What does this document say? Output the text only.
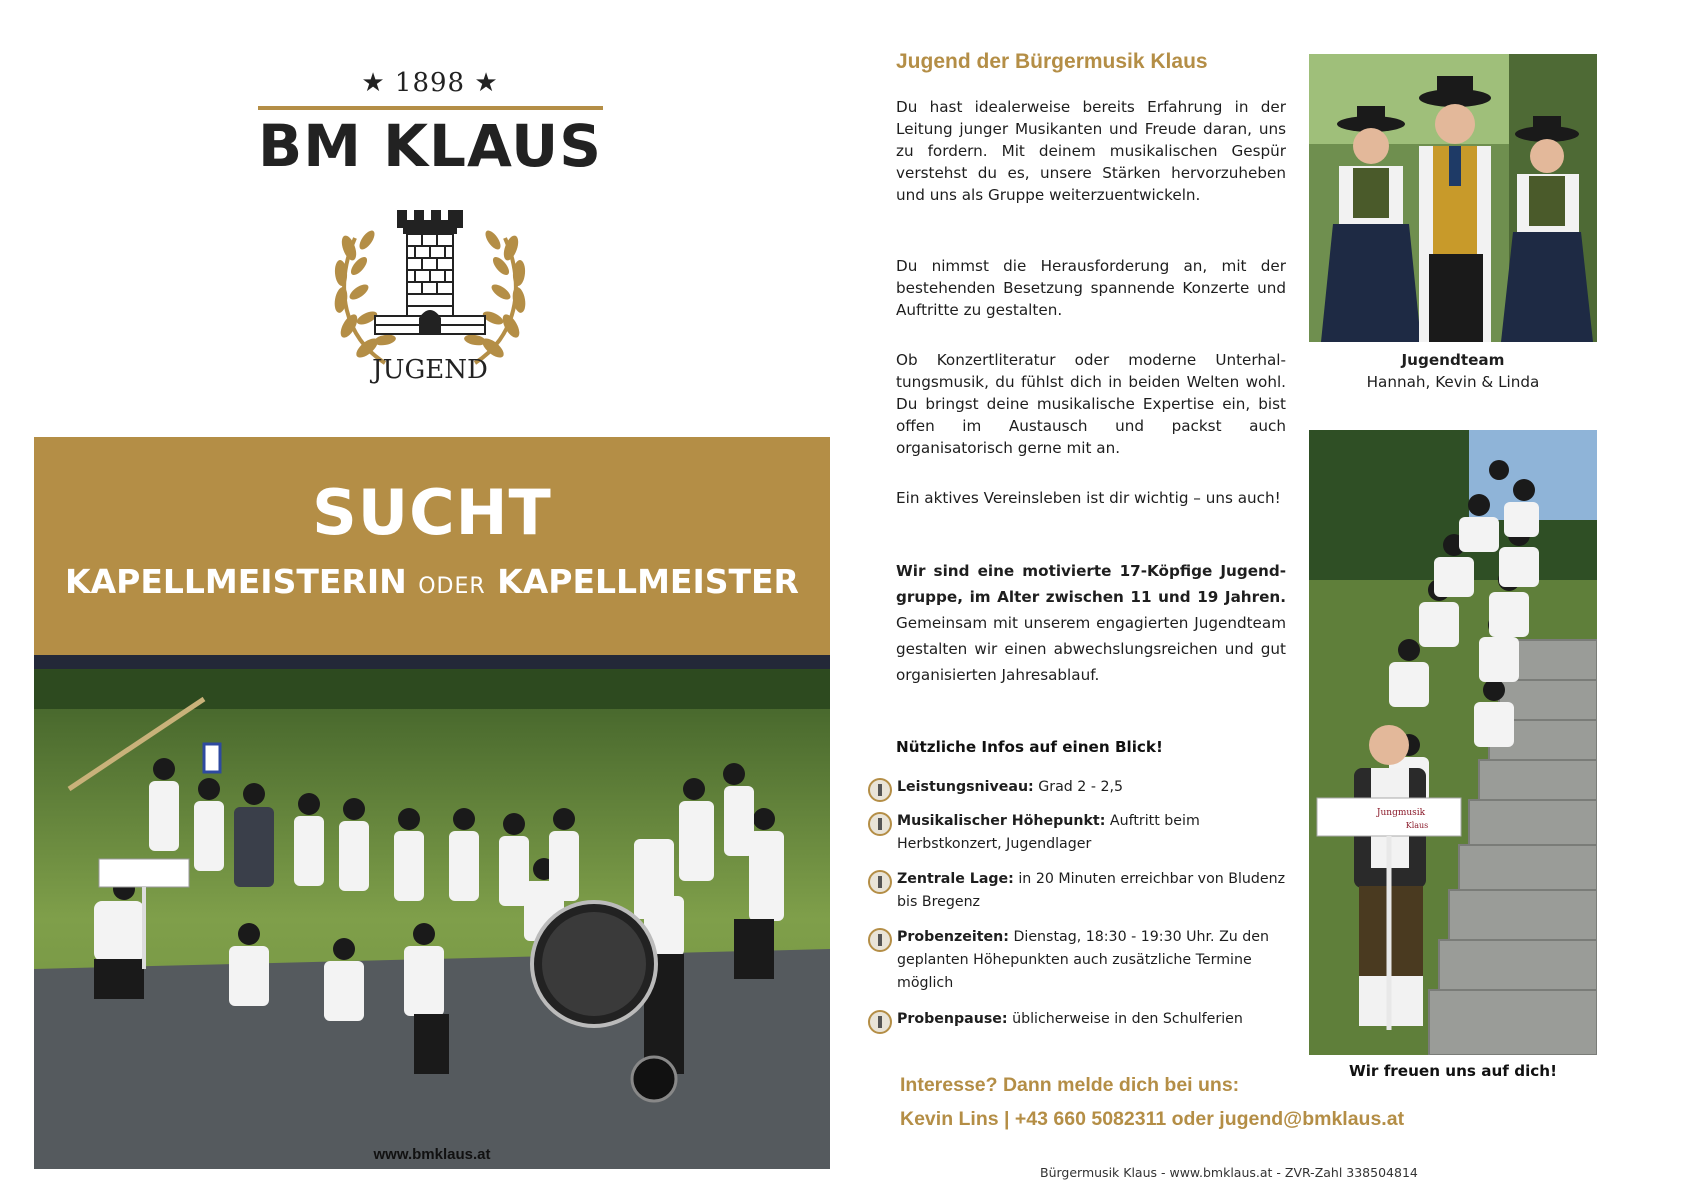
★ 1898 ★
BM KLAUS
JUGEND
SUCHT
KAPELLMEISTERIN ODER KAPELLMEISTER
www.bmklaus.at
Jugend der Bürgermusik Klaus
Du hast idealerweise bereits Erfahrung in der Leitung junger Musikanten und Freude daran, uns zu fordern. Mit deinem musikalischen Gespür verstehst du es, unsere Stärken hervorzuheben und uns als Gruppe weiterzuentwickeln.
Du nimmst die Herausforderung an, mit der bestehenden Besetzung spannende Konzerte und Auftritte zu gestalten.
Ob Konzertliteratur oder moderne Unterhaltungsmusik, du fühlst dich in beiden Welten wohl. Du bringst deine musikalische Expertise ein, bist offen im Austausch und packst auch organisatorisch gerne mit an.
Ein aktives Vereinsleben ist dir wichtig – uns auch!
Wir sind eine motivierte 17-Köpfige Jugendgruppe, im Alter zwischen 11 und 19 Jahren. Gemeinsam mit unserem engagierten Jugendteam gestalten wir einen abwechslungsreichen und gut organisierten Jahresablauf.
Nützliche Infos auf einen Blick!
Leistungsniveau: Grad 2 - 2,5
Musikalischer Höhepunkt: Auftritt beim Herbstkonzert, Jugendlager
Zentrale Lage: in 20 Minuten erreichbar von Bludenz bis Bregenz
Probenzeiten: Dienstag, 18:30 - 19:30 Uhr. Zu den geplanten Höhepunkten auch zusätzliche Termine möglich
Probenpause: üblicherweise in den Schulferien
Interesse? Dann melde dich bei uns:
Kevin Lins | +43 660 5082311 oder jugend@bmklaus.at
Bürgermusik Klaus - www.bmklaus.at - ZVR-Zahl 338504814
Jugendteam
Hannah, Kevin & Linda
Jungmusik
Klaus
Wir freuen uns auf dich!
